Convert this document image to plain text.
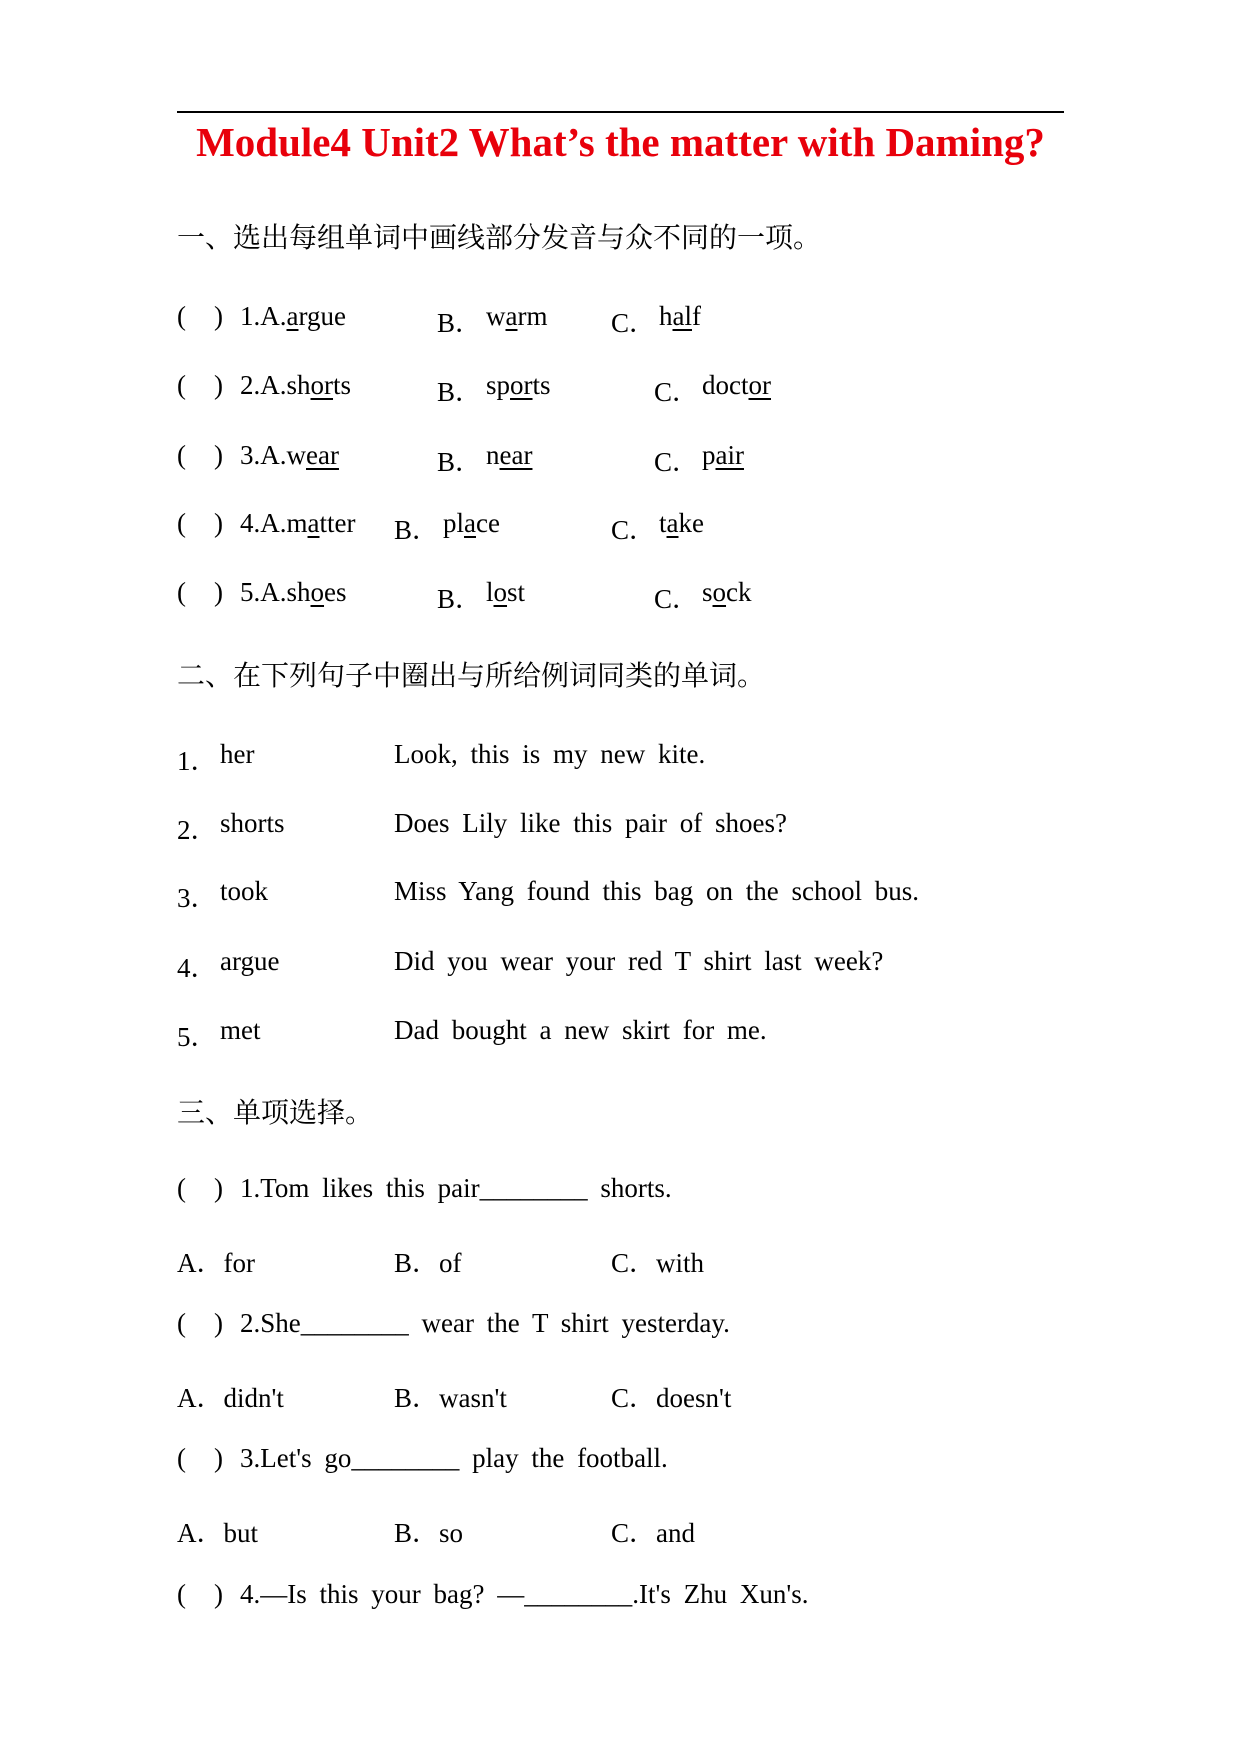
Module4 Unit2 What’s the matter with Daming?
一、选出每组单词中画线部分发音与众不同的一项。
( ) 1.A.argue	B． warm C． half
( ) 2.A.shorts	B． sports	C． doctor
( ) 3.A.wear	B． near	C． pair
( ) 4.A.matter B． place	C． take
( ) 5.A.shoes	B． lost	C． sock
二、在下列句子中圈出与所给例词同类的单词。
1． her	Look, this is my new kite.
2． shorts	Does Lily like this pair of shoes?
3． took	Miss Yang found this bag on the school bus.
4． argue	Did you wear your red T shirt last week?
5． met	Dad bought a new skirt for me.
三、单项选择。
( ) 1.Tom likes this pair________ shorts.
A．for	B．of	C．with
( ) 2.She________ wear the T shirt yesterday.
A．didn't	B．wasn't	C．doesn't
( ) 3.Let's go________ play the football.
A．but	B．so	C．and
( ) 4.—Is this your bag? —________.It's Zhu Xun's.
